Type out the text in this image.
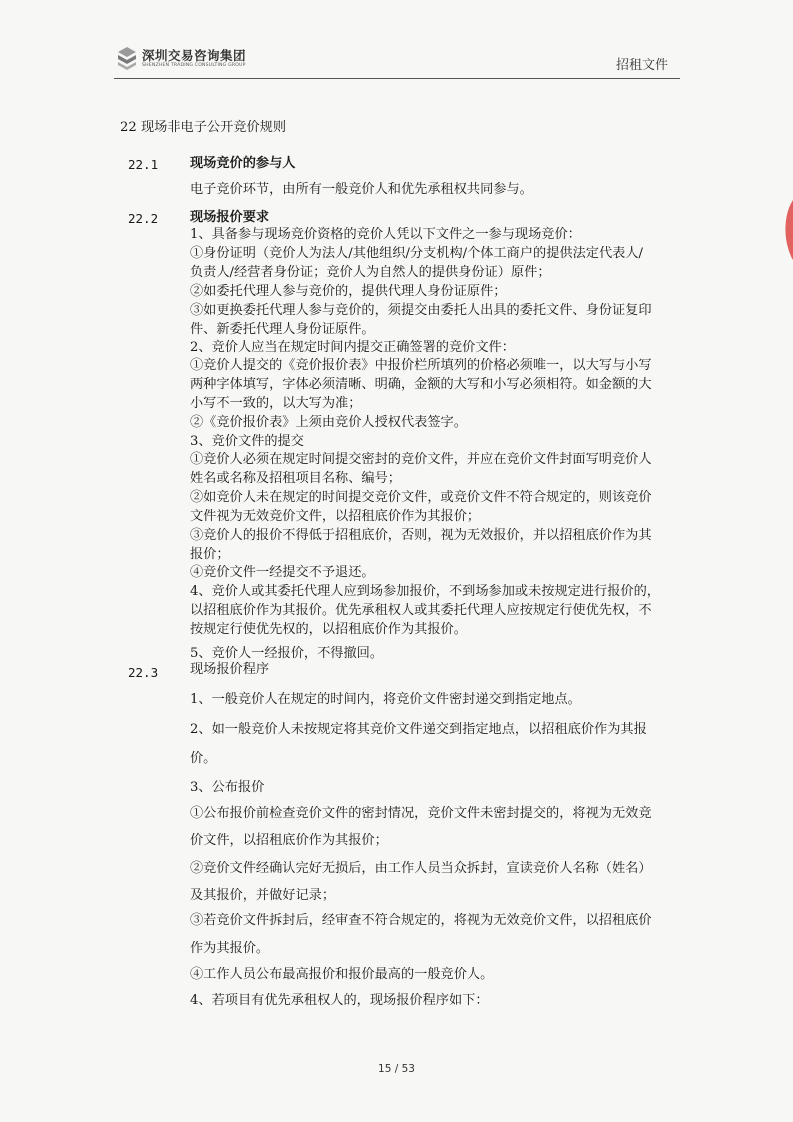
深圳交易咨询集团
SHENZHEN TRADING CONSULTING GROUP	招租文件
22 现场非电子公开竞价规则
22.1 现场竞价的参与人
电子竞价环节，由所有一般竞价人和优先承租权共同参与。
22.2 现场报价要求
1、具备参与现场竞价资格的竞价人凭以下文件之一参与现场竞价：
①身份证明（竞价人为法人/其他组织/分支机构/个体工商户的提供法定代表人/
负责人/经营者身份证；竞价人为自然人的提供身份证）原件；
②如委托代理人参与竞价的，提供代理人身份证原件；
③如更换委托代理人参与竞价的，须提交由委托人出具的委托文件、身份证复印
件、新委托代理人身份证原件。
2、竞价人应当在规定时间内提交正确签署的竞价文件：
①竞价人提交的《竞价报价表》中报价栏所填列的价格必须唯一，以大写与小写
两种字体填写，字体必须清晰、明确，金额的大写和小写必须相符。如金额的大
小写不一致的，以大写为准；
②《竞价报价表》上须由竞价人授权代表签字。
3、竞价文件的提交
①竞价人必须在规定时间提交密封的竞价文件，并应在竞价文件封面写明竞价人
姓名或名称及招租项目名称、编号；
②如竞价人未在规定的时间提交竞价文件，或竞价文件不符合规定的，则该竞价
文件视为无效竞价文件，以招租底价作为其报价；
③竞价人的报价不得低于招租底价，否则，视为无效报价，并以招租底价作为其
报价；
④竞价文件一经提交不予退还。
4、竞价人或其委托代理人应到场参加报价，不到场参加或未按规定进行报价的，
以招租底价作为其报价。优先承租权人或其委托代理人应按规定行使优先权，不
按规定行使优先权的，以招租底价作为其报价。
5、竞价人一经报价，不得撤回。
22.3 现场报价程序
1、一般竞价人在规定的时间内，将竞价文件密封递交到指定地点。
2、如一般竞价人未按规定将其竞价文件递交到指定地点，以招租底价作为其报
价。
3、公布报价
①公布报价前检查竞价文件的密封情况，竞价文件未密封提交的，将视为无效竞
价文件，以招租底价作为其报价；
②竞价文件经确认完好无损后，由工作人员当众拆封，宣读竞价人名称（姓名）
及其报价，并做好记录；
③若竞价文件拆封后，经审查不符合规定的，将视为无效竞价文件，以招租底价
作为其报价。
④工作人员公布最高报价和报价最高的一般竞价人。
4、若项目有优先承租权人的，现场报价程序如下：
15 / 53
